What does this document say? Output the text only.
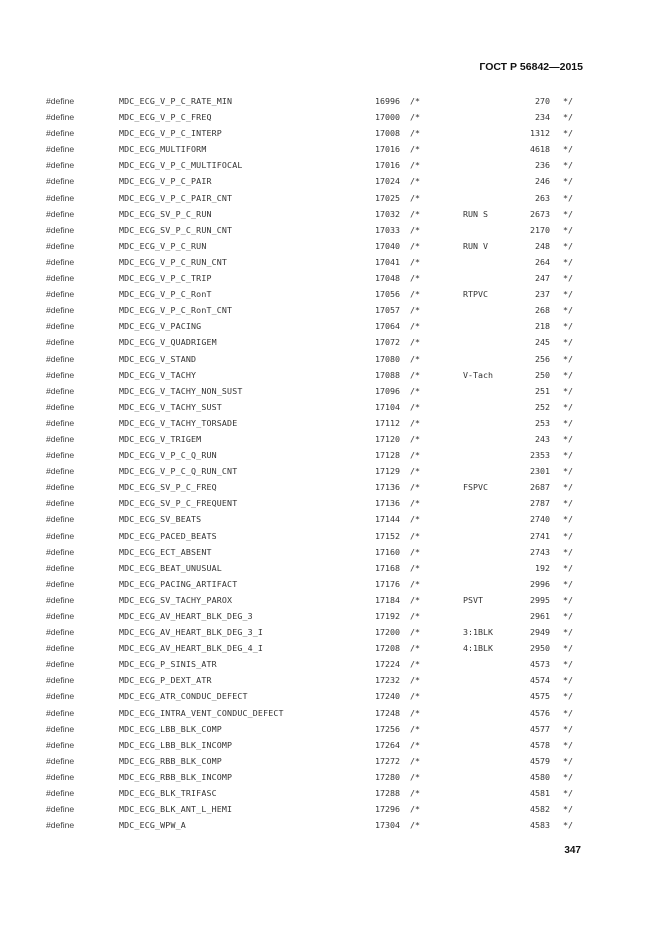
ГОСТ Р 56842—2015
#define	MDC_ECG_V_P_C_RATE_MIN	16996 /*	270 */
#define	MDC_ECG_V_P_C_FREQ	17000 /*	234 */
#define	MDC_ECG_V_P_C_INTERP	17008 /*	1312 */
#define	MDC_ECG_MULTIFORM	17016 /*	4618 */
#define	MDC_ECG_V_P_C_MULTIFOCAL	17016 /*	236 */
#define	MDC_ECG_V_P_C_PAIR	17024 /*	246 */
#define	MDC_ECG_V_P_C_PAIR_CNT	17025 /*	263 */
#define	MDC_ECG_SV_P_C_RUN	17032 /*	RUN S	2673 */
#define	MDC_ECG_SV_P_C_RUN_CNT	17033 /*	2170 */
#define	MDC_ECG_V_P_C_RUN	17040 /*	RUN V	248 */
#define	MDC_ECG_V_P_C_RUN_CNT	17041 /*	264 */
#define	MDC_ECG_V_P_C_TRIP	17048 /*	247 */
#define	MDC_ECG_V_P_C_RonT	17056 /*	RTPVC	237 */
#define	MDC_ECG_V_P_C_RonT_CNT	17057 /*	268 */
#define	MDC_ECG_V_PACING	17064 /*	218 */
#define	MDC_ECG_V_QUADRIGEM	17072 /*	245 */
#define	MDC_ECG_V_STAND	17080 /*	256 */
#define	MDC_ECG_V_TACHY	17088 /*	V-Tach	250 */
#define	MDC_ECG_V_TACHY_NON_SUST	17096 /*	251 */
#define	MDC_ECG_V_TACHY_SUST	17104 /*	252 */
#define	MDC_ECG_V_TACHY_TORSADE	17112 /*	253 */
#define	MDC_ECG_V_TRIGEM	17120 /*	243 */
#define	MDC_ECG_V_P_C_Q_RUN	17128 /*	2353 */
#define	MDC_ECG_V_P_C_Q_RUN_CNT	17129 /*	2301 */
#define	MDC_ECG_SV_P_C_FREQ	17136 /*	FSPVC	2687 */
#define	MDC_ECG_SV_P_C_FREQUENT	17136 /*	2787 */
#define	MDC_ECG_SV_BEATS	17144 /*	2740 */
#define	MDC_ECG_PACED_BEATS	17152 /*	2741 */
#define	MDC_ECG_ECT_ABSENT	17160 /*	2743 */
#define	MDC_ECG_BEAT_UNUSUAL	17168 /*	192 */
#define	MDC_ECG_PACING_ARTIFACT	17176 /*	2996 */
#define	MDC_ECG_SV_TACHY_PAROX	17184 /*	PSVT	2995 */
#define	MDC_ECG_AV_HEART_BLK_DEG_3	17192 /*	2961 */
#define	MDC_ECG_AV_HEART_BLK_DEG_3_I	17200 /*	3:1BLK	2949 */
#define	MDC_ECG_AV_HEART_BLK_DEG_4_I	17208 /*	4:1BLK	2950 */
#define	MDC_ECG_P_SINIS_ATR	17224 /*	4573 */
#define	MDC_ECG_P_DEXT_ATR	17232 /*	4574 */
#define	MDC_ECG_ATR_CONDUC_DEFECT	17240 /*	4575 */
#define	MDC_ECG_INTRA_VENT_CONDUC_DEFECT	17248 /*	4576 */
#define	MDC_ECG_LBB_BLK_COMP	17256 /*	4577 */
#define	MDC_ECG_LBB_BLK_INCOMP	17264 /*	4578 */
#define	MDC_ECG_RBB_BLK_COMP	17272 /*	4579 */
#define	MDC_ECG_RBB_BLK_INCOMP	17280 /*	4580 */
#define	MDC_ECG_BLK_TRIFASC	17288 /*	4581 */
#define	MDC_ECG_BLK_ANT_L_HEMI	17296 /*	4582 */
#define	MDC_ECG_WPW_A	17304 /*	4583 */
347
